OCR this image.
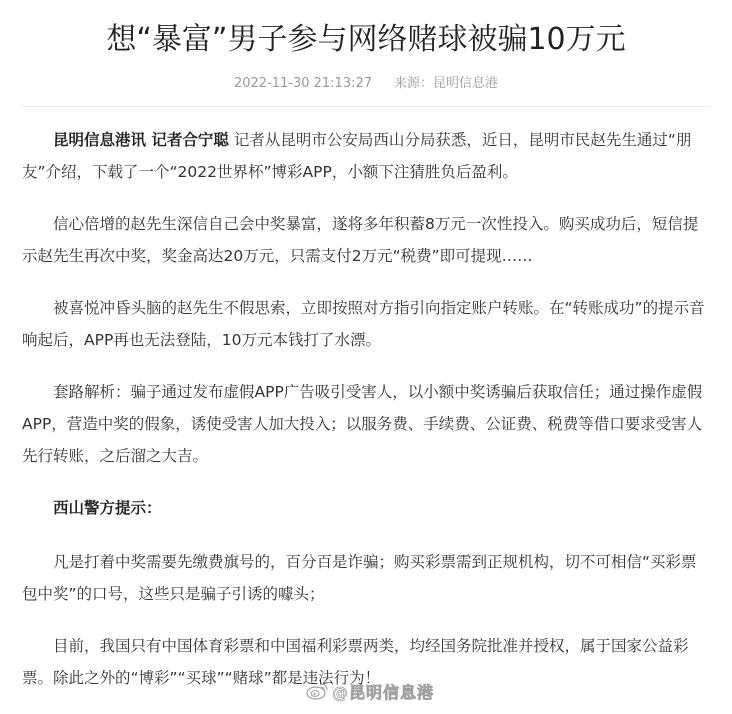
想“暴富”男子参与网络赌球被骗10万元
2022-11-30 21:13:27 来源：昆明信息港

昆明信息港讯 记者合宁聪 记者从昆明市公安局西山分局获悉，近日，昆明市民赵先生通过“朋友”介绍，下载了一个“2022世界杯”博彩APP，小额下注猜胜负后盈利。

信心倍增的赵先生深信自己会中奖暴富，遂将多年积蓄8万元一次性投入。购买成功后，短信提示赵先生再次中奖，奖金高达20万元，只需支付2万元“税费”即可提现……

被喜悦冲昏头脑的赵先生不假思索，立即按照对方指引向指定账户转账。在“转账成功”的提示音响起后，APP再也无法登陆，10万元本钱打了水漂。

套路解析：骗子通过发布虚假APP广告吸引受害人，以小额中奖诱骗后获取信任；通过操作虚假APP，营造中奖的假象，诱使受害人加大投入；以服务费、手续费、公证费、税费等借口要求受害人先行转账，之后溜之大吉。

西山警方提示：

凡是打着中奖需要先缴费旗号的，百分百是诈骗；购买彩票需到正规机构，切不可相信“买彩票包中奖”的口号，这些只是骗子引诱的噱头；

目前，我国只有中国体育彩票和中国福利彩票两类，均经国务院批准并授权，属于国家公益彩票。除此之外的“博彩”“买球”“赌球”都是违法行为！

@昆明信息港
